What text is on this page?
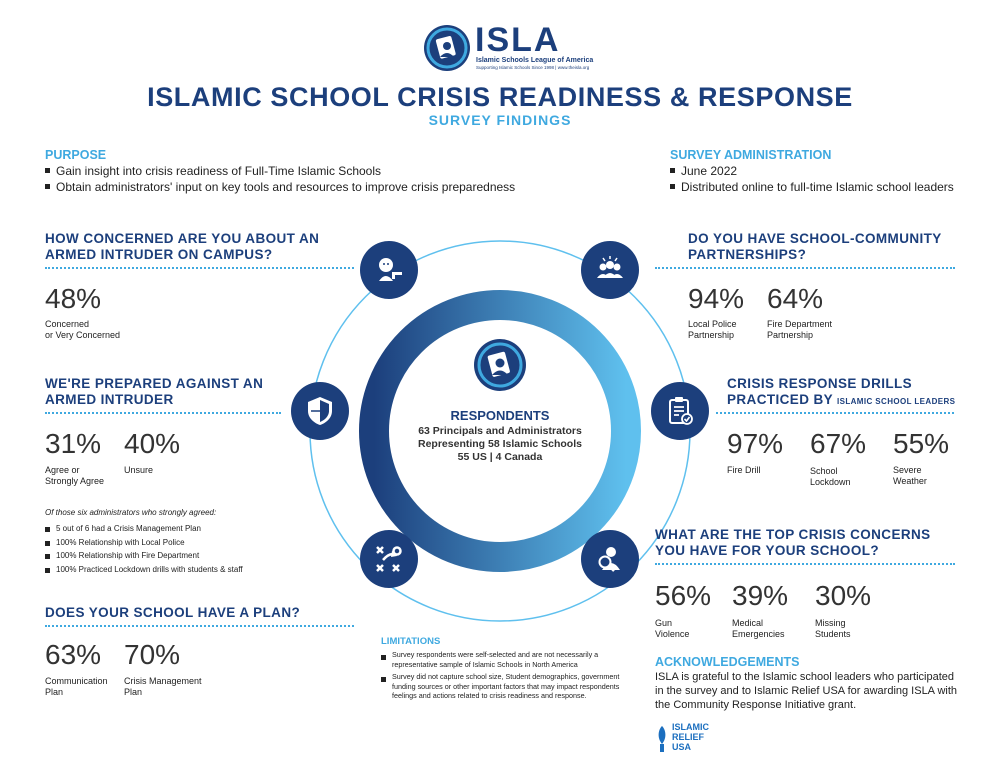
ISLA
Islamic Schools League of America
Supporting Islamic Schools Since 1998 | www.theisla.org
ISLAMIC SCHOOL CRISIS READINESS & RESPONSE
SURVEY FINDINGS
PURPOSE
Gain insight into crisis readiness of Full-Time Islamic Schools
Obtain administrators' input on key tools and resources to improve crisis preparedness
SURVEY ADMINISTRATION
June 2022
Distributed online to full-time Islamic school leaders
RESPONDENTS
63 Principals and Administrators
Representing 58 Islamic Schools
55 US | 4 Canada
HOW CONCERNED ARE YOU ABOUT AN ARMED INTRUDER ON CAMPUS?
48%
Concerned
or Very Concerned
WE'RE PREPARED AGAINST AN ARMED INTRUDER
31%
Agree or
Strongly Agree
40%
Unsure
Of those six administrators who strongly agreed:
5 out of 6 had a Crisis Management Plan
100% Relationship with Local Police
100% Relationship with Fire Department
100% Practiced Lockdown drills with students & staff
DOES YOUR SCHOOL HAVE A PLAN?
63%
Communication
Plan
70%
Crisis Management
Plan
LIMITATIONS
Survey respondents were self-selected and are not necessarily a representative sample of Islamic Schools in North America
Survey did not capture school size, Student demographics, government funding sources or other important factors that may impact respondents feelings and actions related to crisis readiness and response.
DO YOU HAVE SCHOOL-COMMUNITY PARTNERSHIPS?
94%
Local Police
Partnership
64%
Fire Department
Partnership
CRISIS RESPONSE DRILLS PRACTICED BY ISLAMIC SCHOOL LEADERS
97%
Fire Drill
67%
School
Lockdown
55%
Severe
Weather
WHAT ARE THE TOP CRISIS CONCERNS YOU HAVE FOR YOUR SCHOOL?
56%
Gun
Violence
39%
Medical
Emergencies
30%
Missing
Students
ACKNOWLEDGEMENTS
ISLA is grateful to the Islamic school leaders who participated in the survey and to Islamic Relief USA for awarding ISLA with the Community Response Initiative grant.
ISLAMIC
RELIEF
USA
